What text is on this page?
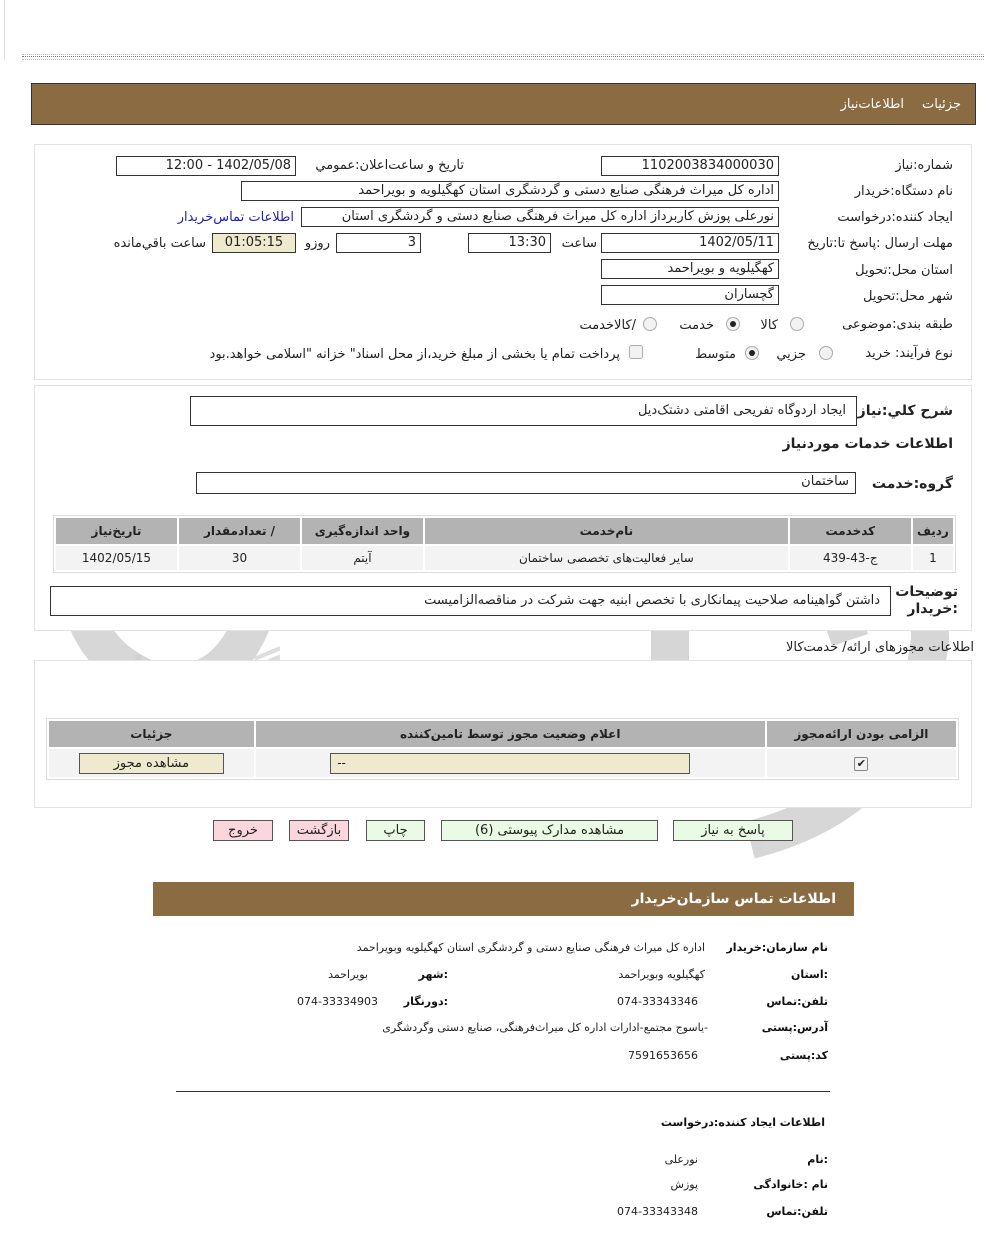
جزئیات
اطلاعات‌نیاز
شماره:نیاز
1102003834000030
تاریخ و ساعت‌اعلان:عمومي
1402/05/08 - 12:00
نام دستگاه:خریدار
اداره کل میراث فرهنگی صنایع دستی و گردشگری استان کهگیلویه و بویراحمد
ایجاد کننده:درخواست
نورعلی پوزش کاربرداز اداره کل میراث فرهنگی صنایع دستی و گردشگری استان
اطلاعات تماس‌خریدار
مهلت ارسال :پاسخ تا:تاریخ
1402/05/11
ساعت
13:30
3
روزو
01:05:15
ساعت باقي‌مانده
استان محل:تحویل
کهگیلویه و بویراحمد
شهر محل:تحویل
گچساران
طبقه بندی:موضوعی
کالا
خدمت
/کالاخدمت
نوع فرآیند: خرید
جزیي
متوسط
پرداخت تمام یا بخشی از مبلغ خرید،از محل اسناد" خزانه "اسلامی خواهد.بود
شرح کلي:نیاز
ایجاد اردوگاه تفریحی اقامتی دشتک‌دیل
اطلاعات خدمات موردنیاز
گروه:خدمت
ساختمان
ردیف	کدخدمت	نام‌خدمت	واحد اندازه‌گیری	/ تعدادمقدار	تاریخ‌نیاز
1	ج-43-439	سایر فعالیت‌های تخصصی ساختمان	آیتم	30	1402/05/15
توضیحات :خریدار
داشتن گواهینامه صلاحیت پیمانکاری با تخصص ابنیه جهت شرکت در مناقصه‌الزامیست
اطلاعات مجوزهای ارائه/ خدمت‌کالا
الزامی بودن ارائه‌مجوز	اعلام وضعیت مجوز توسط تامین‌کننده	جزئیات
✔	--	مشاهده مجوز
پاسخ به نیاز
مشاهده مدارک پیوستی (6)
چاپ
بازگشت
خروج
اطلاعات تماس سازمان‌خریدار
نام سازمان:خریدار
اداره کل میراث فرهنگی صنایع دستی و گردشگری استان کهگیلویه وبویراحمد
:استان
کهگیلویه وبویراحمد
:شهر
بویراحمد
تلفن:تماس
074-33343346
:دورنگار
074-33334903
آدرس:پستی
-یاسوج مجتمع-ادارات اداره کل میراث‌فرهنگی، صنایع دستی وگردشگری
کد:پستی
7591653656
اطلاعات ایجاد کننده:درخواست
:نام
نورعلی
نام :خانوادگی
پوزش
تلفن:تماس
074-33343348
